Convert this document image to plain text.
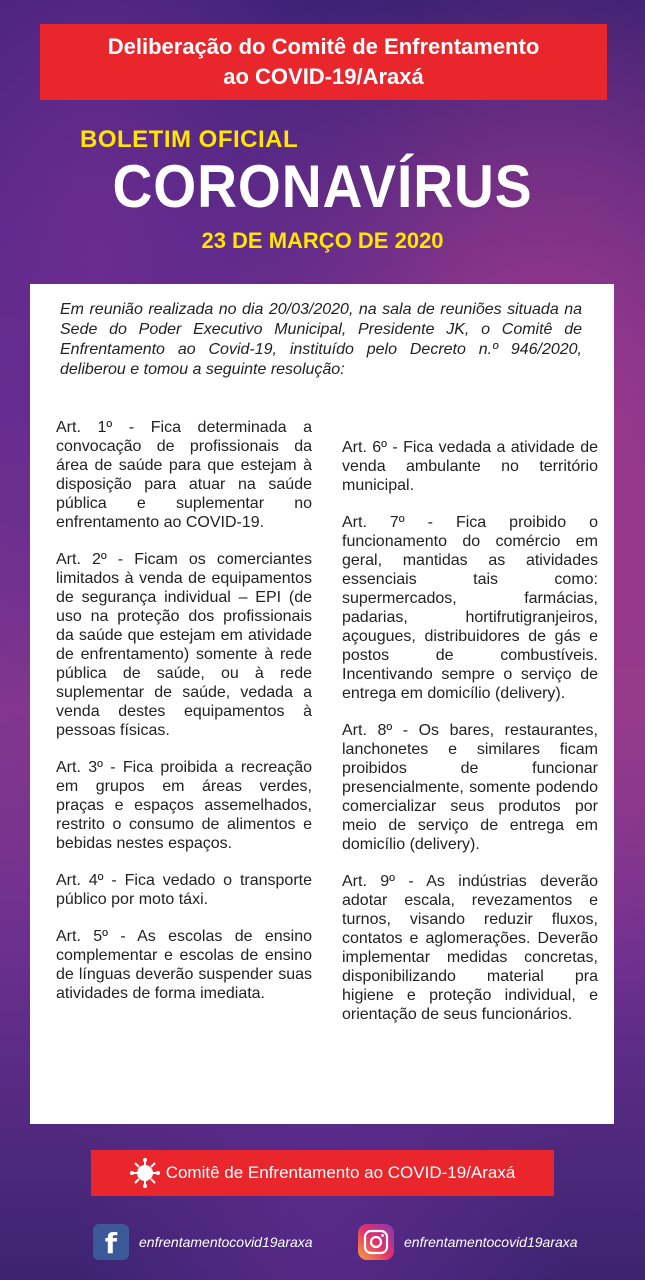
Deliberação do Comitê de Enfrentamento
ao COVID-19/Araxá
BOLETIM OFICIAL
CORONAVÍRUS
23 DE MARÇO DE 2020
Em reunião realizada no dia 20/03/2020, na sala de reuniões situada na Sede do Poder Executivo Municipal, Presidente JK, o Comitê de Enfrentamento ao Covid-19, instituído pelo Decreto n.º 946/2020, deliberou e tomou a seguinte resolução:

Art. 1º - Fica determinada a convocação de profissionais da área de saúde para que estejam à disposição para atuar na saúde pública e suplementar no enfrentamento ao COVID-19.

Art. 2º - Ficam os comerciantes limitados à venda de equipamentos de segurança individual – EPI (de uso na proteção dos profissionais da saúde que estejam em atividade de enfrentamento) somente à rede pública de saúde, ou à rede suplementar de saúde, vedada a venda destes equipamentos à pessoas físicas.

Art. 3º - Fica proibida a recreação em grupos em áreas verdes, praças e espaços assemelhados, restrito o consumo de alimentos e bebidas nestes espaços.

Art. 4º - Fica vedado o transporte público por moto táxi.

Art. 5º - As escolas de ensino complementar e escolas de ensino de línguas deverão suspender suas atividades de forma imediata.

Art. 6º - Fica vedada a atividade de venda ambulante no território municipal.

Art. 7º - Fica proibido o funcionamento do comércio em geral, mantidas as atividades essenciais tais como: supermercados, farmácias, padarias, hortifrutigranjeiros, açougues, distribuidores de gás e postos de combustíveis. Incentivando sempre o serviço de entrega em domicílio (delivery).

Art. 8º - Os bares, restaurantes, lanchonetes e similares ficam proibidos de funcionar presencialmente, somente podendo comercializar seus produtos por meio de serviço de entrega em domicílio (delivery).

Art. 9º - As indústrias deverão adotar escala, revezamentos e turnos, visando reduzir fluxos, contatos e aglomerações. Deverão implementar medidas concretas, disponibilizando material pra higiene e proteção individual, e orientação de seus funcionários.

Comitê de Enfrentamento ao COVID-19/Araxá
f	enfrentamentocovid19araxa	enfrentamentocovid19araxa
